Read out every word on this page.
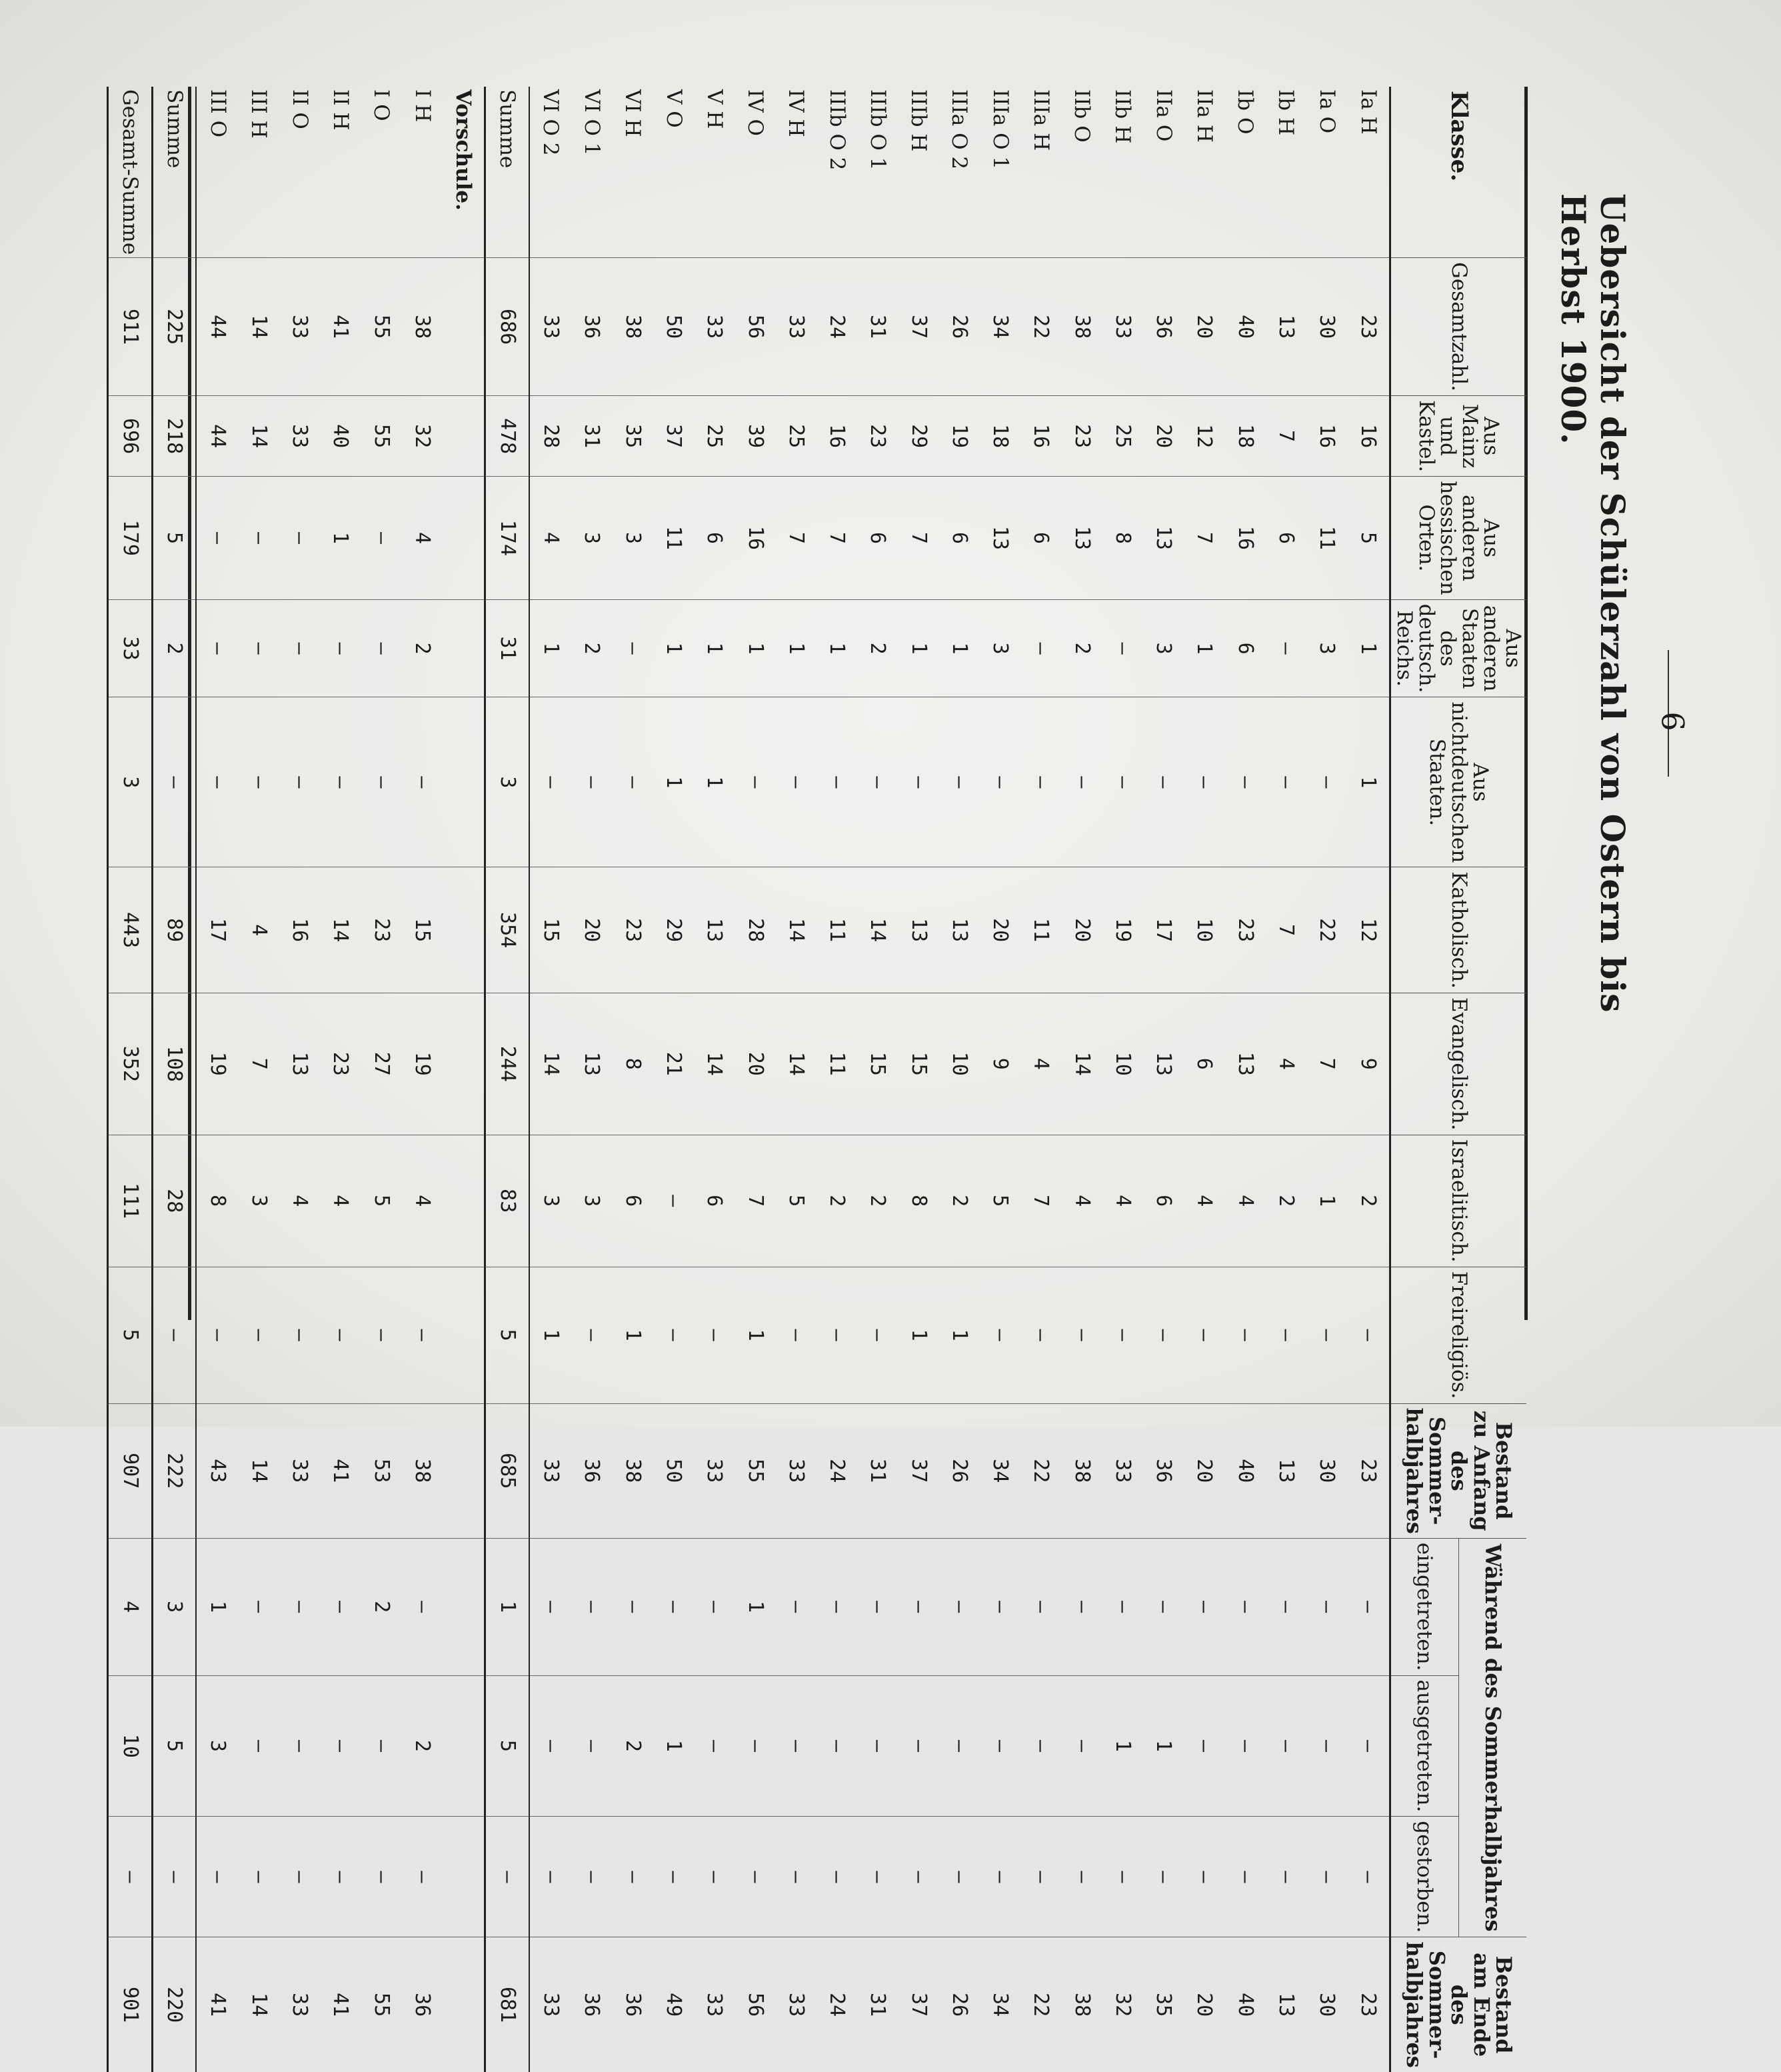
6
Uebersicht der Schülerzahl von Ostern bis Herbst 1900.
Klasse.	Gesamtzahl.	Aus Mainz und Kastel.	Aus anderen hessischen Orten.	Aus anderen Staaten des deutsch. Reichs.	Aus nichtdeutschen Staaten.	Katholisch.	Evangelisch.	Israelitisch.	Freireligiös.	Bestand zu Anfang des Sommer-halbjahres	Während des Sommerhalbjahres			Bestand am Ende des Sommer-halbjahres
											eingetreten.	ausgetreten.	gestorben.	
Ia H	23	16	5	1	1	12	9	2	—	23	—	—	—	23
Ia O	30	16	11	3	—	22	7	1	—	30	—	—	—	30
Ib H	13	7	6	—	—	7	4	2	—	13	—	—	—	13
Ib O	40	18	16	6	—	23	13	4	—	40	—	—	—	40
IIa H	20	12	7	1	—	10	6	4	—	20	—	—	—	20
IIa O	36	20	13	3	—	17	13	6	—	36	—	1	—	35
IIb H	33	25	8	—	—	19	10	4	—	33	—	1	—	32
IIb O	38	23	13	2	—	20	14	4	—	38	—	—	—	38
IIIa H	22	16	6	—	—	11	4	7	—	22	—	—	—	22
IIIa O 1	34	18	13	3	—	20	9	5	—	34	—	—	—	34
IIIa O 2	26	19	6	1	—	13	10	2	1	26	—	—	—	26
IIIb H	37	29	7	1	—	13	15	8	1	37	—	—	—	37
IIIb O 1	31	23	6	2	—	14	15	2	—	31	—	—	—	31
IIIb O 2	24	16	7	1	—	11	11	2	—	24	—	—	—	24
IV H	33	25	7	1	—	14	14	5	—	33	—	—	—	33
IV O	56	39	16	1	—	28	20	7	1	55	1	—	—	56
V H	33	25	6	1	1	13	14	6	—	33	—	—	—	33
V O	50	37	11	1	1	29	21	—	—	50	—	1	—	49
VI H	38	35	3	—	—	23	8	6	1	38	—	2	—	36
VI O 1	36	31	3	2	—	20	13	3	—	36	—	—	—	36
VI O 2	33	28	4	1	—	15	14	3	1	33	—	—	—	33
Summe	686	478	174	31	3	354	244	83	5	685	1	5	—	681
Vorschule.														
I H	38	32	4	2	—	15	19	4	—	38	—	2	—	36
I O	55	55	—	—	—	23	27	5	—	53	2	—	—	55
II H	41	40	1	—	—	14	23	4	—	41	—	—	—	41
II O	33	33	—	—	—	16	13	4	—	33	—	—	—	33
III H	14	14	—	—	—	4	7	3	—	14	—	—	—	14
III O	44	44	—	—	—	17	19	8	—	43	1	3	—	41
Summe	225	218	5	2	—	89	108	28	—	222	3	5	—	220
Gesamt-Summe	911	696	179	33	3	443	352	111	5	907	4	10	—	901
